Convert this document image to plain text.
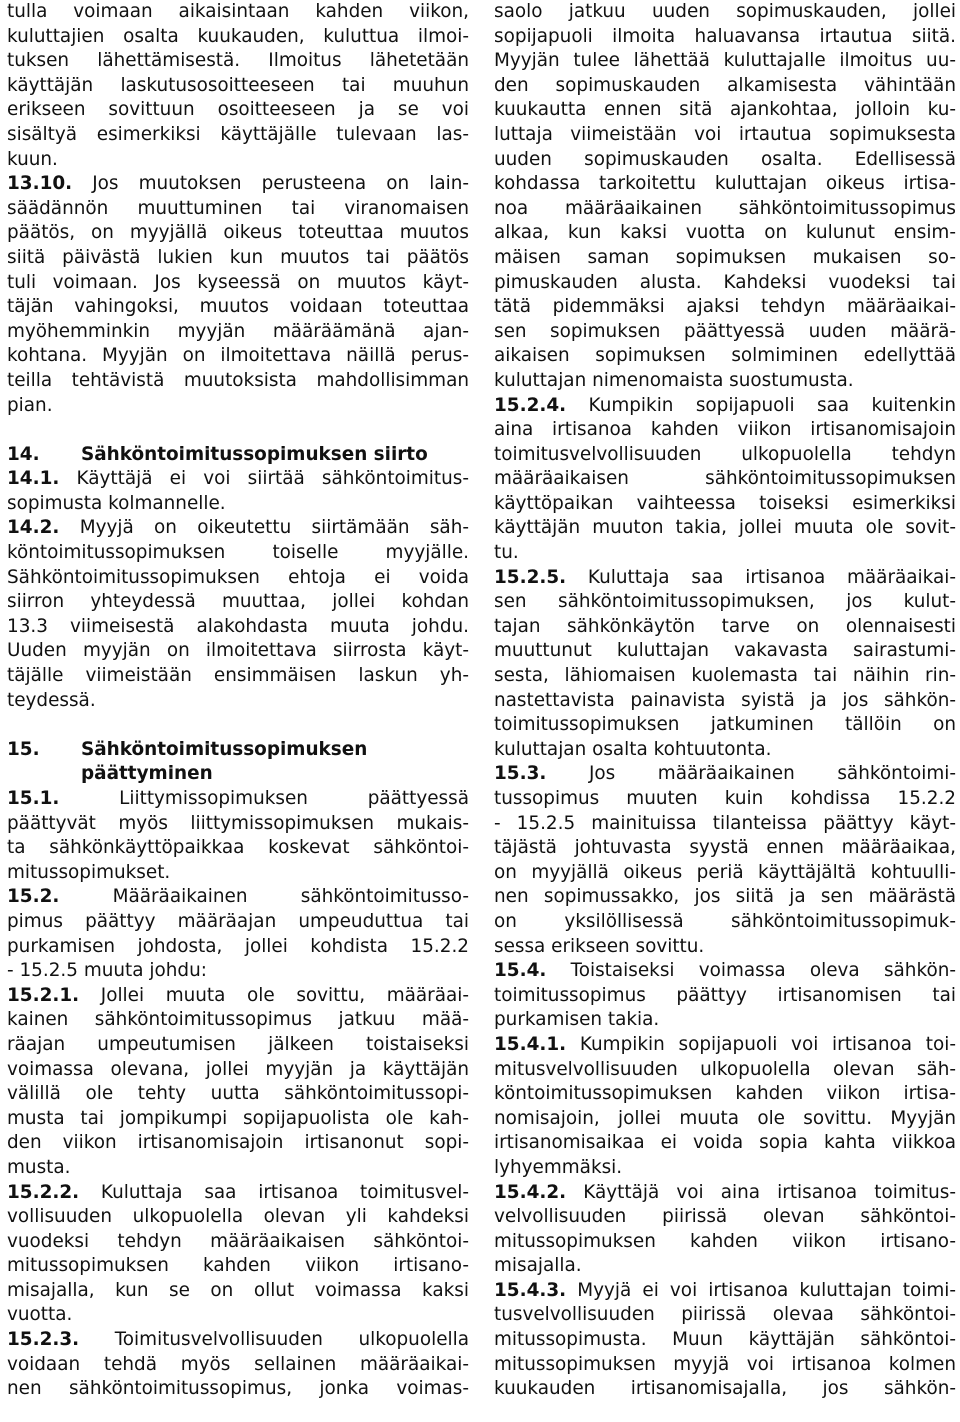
tulla voimaan aikaisintaan kahden viikon,
kuluttajien osalta kuukauden, kuluttua ilmoi-
tuksen lähettämisestä. Ilmoitus lähetetään
käyttäjän laskutusosoitteeseen tai muuhun
erikseen sovittuun osoitteeseen ja se voi
sisältyä esimerkiksi käyttäjälle tulevaan las-
kuun.
13.10. Jos muutoksen perusteena on lain-
säädännön muuttuminen tai viranomaisen
päätös, on myyjällä oikeus toteuttaa muutos
siitä päivästä lukien kun muutos tai päätös
tuli voimaan. Jos kyseessä on muutos käyt-
täjän vahingoksi, muutos voidaan toteuttaa
myöhemminkin myyjän määräämänä ajan-
kohtana. Myyjän on ilmoitettava näillä perus-
teilla tehtävistä muutoksista mahdollisimman
pian.
14. Sähköntoimitussopimuksen siirto
14.1. Käyttäjä ei voi siirtää sähköntoimitus-
sopimusta kolmannelle.
14.2. Myyjä on oikeutettu siirtämään säh-
köntoimitussopimuksen toiselle myyjälle.
Sähköntoimitussopimuksen ehtoja ei voida
siirron yhteydessä muuttaa, jollei kohdan
13.3 viimeisestä alakohdasta muuta johdu.
Uuden myyjän on ilmoitettava siirrosta käyt-
täjälle viimeistään ensimmäisen laskun yh-
teydessä.
15. Sähköntoimitussopimuksen
päättyminen
15.1. Liittymissopimuksen päättyessä
päättyvät myös liittymissopimuksen mukais-
ta sähkönkäyttöpaikkaa koskevat sähköntoi-
mitussopimukset.
15.2. Määräaikainen sähköntoimitusso-
pimus päättyy määräajan umpeuduttua tai
purkamisen johdosta, jollei kohdista 15.2.2
- 15.2.5 muuta johdu:
15.2.1. Jollei muuta ole sovittu, määräai-
kainen sähköntoimitussopimus jatkuu mää-
räajan umpeutumisen jälkeen toistaiseksi
voimassa olevana, jollei myyjän ja käyttäjän
välillä ole tehty uutta sähköntoimitussopi-
musta tai jompikumpi sopijapuolista ole kah-
den viikon irtisanomisajoin irtisanonut sopi-
musta.
15.2.2. Kuluttaja saa irtisanoa toimitusvel-
vollisuuden ulkopuolella olevan yli kahdeksi
vuodeksi tehdyn määräaikaisen sähköntoi-
mitussopimuksen kahden viikon irtisano-
misajalla, kun se on ollut voimassa kaksi
vuotta.
15.2.3. Toimitusvelvollisuuden ulkopuolella
voidaan tehdä myös sellainen määräaikai-
nen sähköntoimitussopimus, jonka voimas-
saolo jatkuu uuden sopimuskauden, jollei
sopijapuoli ilmoita haluavansa irtautua siitä.
Myyjän tulee lähettää kuluttajalle ilmoitus uu-
den sopimuskauden alkamisesta vähintään
kuukautta ennen sitä ajankohtaa, jolloin ku-
luttaja viimeistään voi irtautua sopimuksesta
uuden sopimuskauden osalta. Edellisessä
kohdassa tarkoitettu kuluttajan oikeus irtisa-
noa määräaikainen sähköntoimitussopimus
alkaa, kun kaksi vuotta on kulunut ensim-
mäisen saman sopimuksen mukaisen so-
pimuskauden alusta. Kahdeksi vuodeksi tai
tätä pidemmäksi ajaksi tehdyn määräaikai-
sen sopimuksen päättyessä uuden määrä-
aikaisen sopimuksen solmiminen edellyttää
kuluttajan nimenomaista suostumusta.
15.2.4. Kumpikin sopijapuoli saa kuitenkin
aina irtisanoa kahden viikon irtisanomisajoin
toimitusvelvollisuuden ulkopuolella tehdyn
määräaikaisen sähköntoimitussopimuksen
käyttöpaikan vaihteessa toiseksi esimerkiksi
käyttäjän muuton takia, jollei muuta ole sovit-
tu.
15.2.5. Kuluttaja saa irtisanoa määräaikai-
sen sähköntoimitussopimuksen, jos kulut-
tajan sähkönkäytön tarve on olennaisesti
muuttunut kuluttajan vakavasta sairastumi-
sesta, lähiomaisen kuolemasta tai näihin rin-
nastettavista painavista syistä ja jos sähkön-
toimitussopimuksen jatkuminen tällöin on
kuluttajan osalta kohtuutonta.
15.3. Jos määräaikainen sähköntoimi-
tussopimus muuten kuin kohdissa 15.2.2
- 15.2.5 mainituissa tilanteissa päättyy käyt-
täjästä johtuvasta syystä ennen määräaikaa,
on myyjällä oikeus periä käyttäjältä kohtuulli-
nen sopimussakko, jos siitä ja sen määrästä
on yksilöllisessä sähköntoimitussopimuk-
sessa erikseen sovittu.
15.4. Toistaiseksi voimassa oleva sähkön-
toimitussopimus päättyy irtisanomisen tai
purkamisen takia.
15.4.1. Kumpikin sopijapuoli voi irtisanoa toi-
mitusvelvollisuuden ulkopuolella olevan säh-
köntoimitussopimuksen kahden viikon irtisa-
nomisajoin, jollei muuta ole sovittu. Myyjän
irtisanomisaikaa ei voida sopia kahta viikkoa
lyhyemmäksi.
15.4.2. Käyttäjä voi aina irtisanoa toimitus-
velvollisuuden piirissä olevan sähköntoi-
mitussopimuksen kahden viikon irtisano-
misajalla.
15.4.3. Myyjä ei voi irtisanoa kuluttajan toimi-
tusvelvollisuuden piirissä olevaa sähköntoi-
mitussopimusta. Muun käyttäjän sähköntoi-
mitussopimuksen myyjä voi irtisanoa kolmen
kuukauden irtisanomisajalla, jos sähkön-
